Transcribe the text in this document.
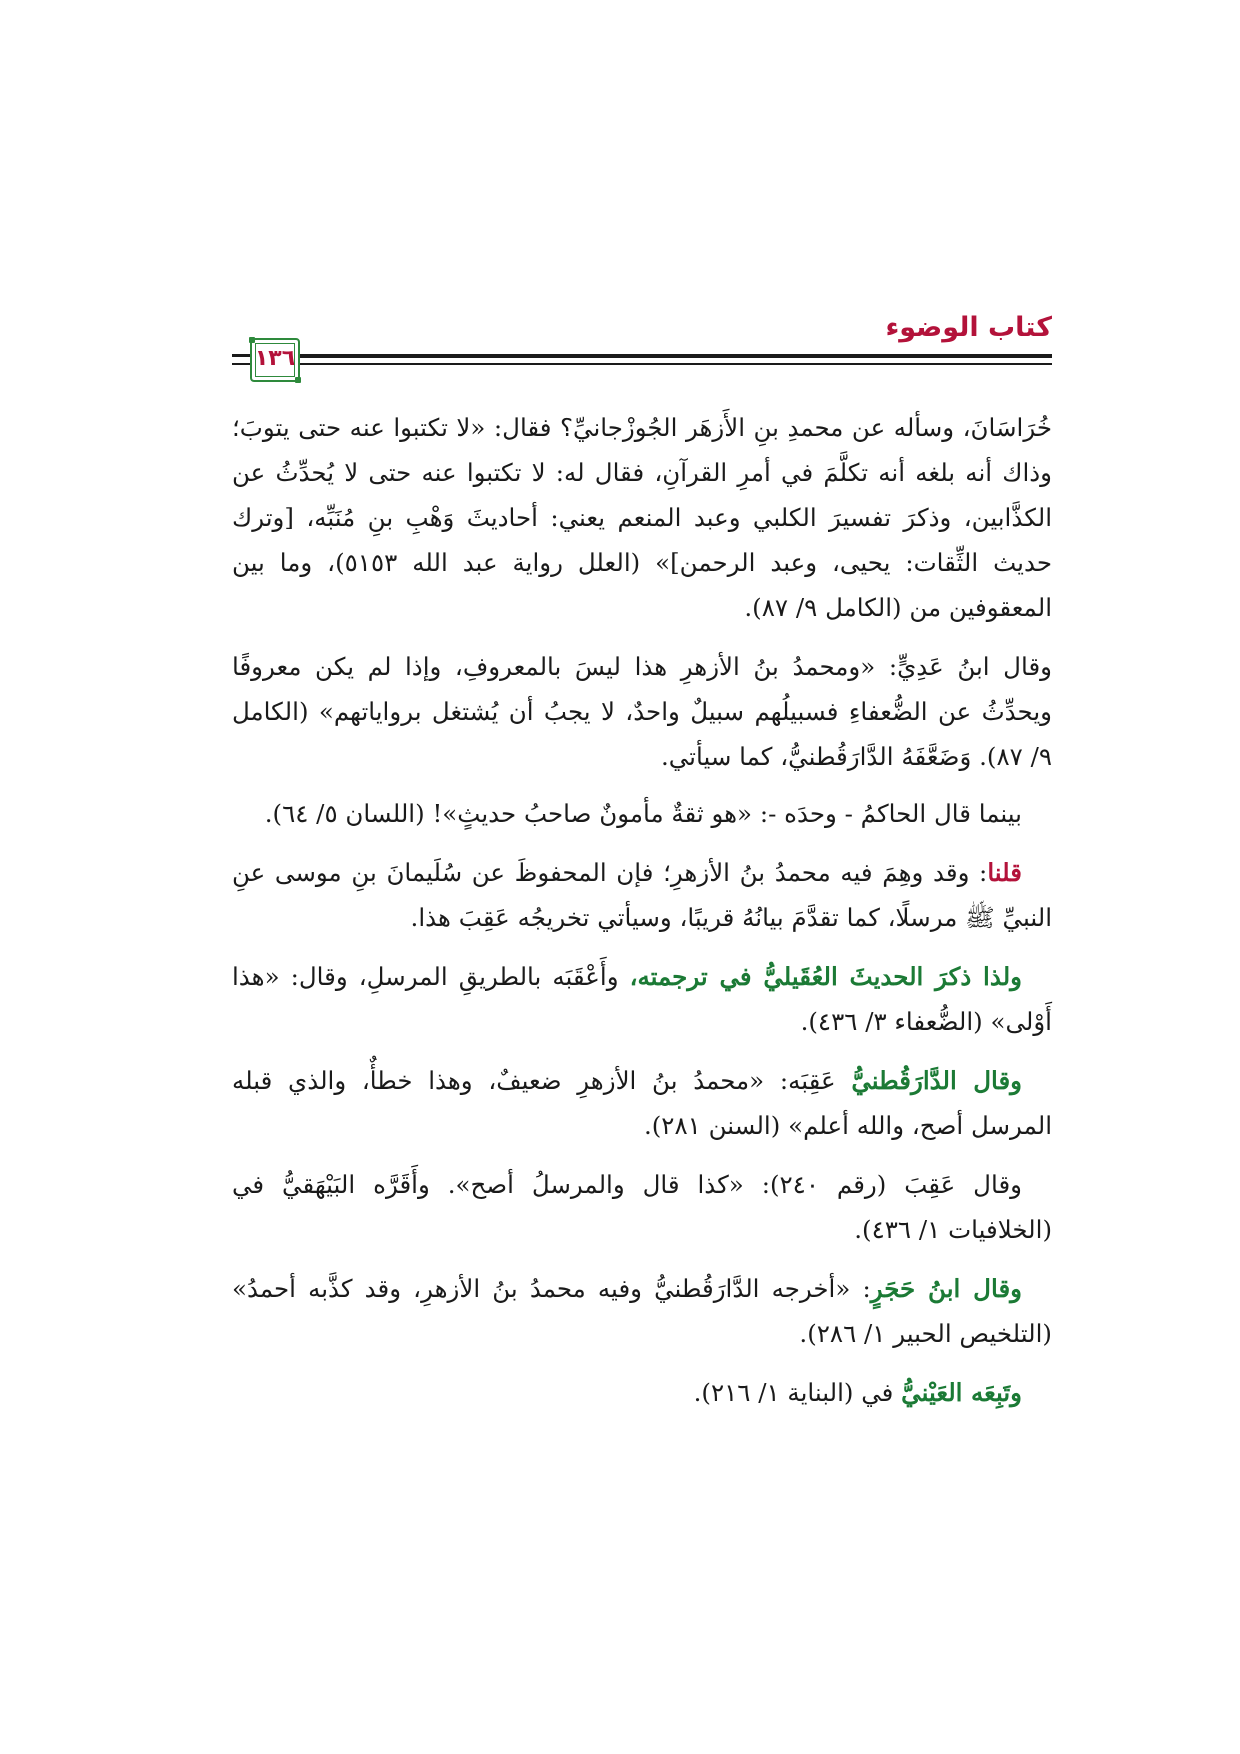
كتاب الوضوء
١٣٦

خُرَاسَانَ، وسأله عن محمدِ بنِ الأَزهَر الجُوزْجانيِّ؟ فقال: «لا تكتبوا عنه حتى يتوبَ؛ وذاك أنه بلغه أنه تكلَّمَ في أمرِ القرآنِ، فقال له: لا تكتبوا عنه حتى لا يُحدِّثُ عن الكذَّابين، وذكرَ تفسيرَ الكلبي وعبد المنعم يعني: أحاديثَ وَهْبِ بنِ مُنَبِّه، [وترك حديث الثِّقات: يحيى، وعبد الرحمن]» (العلل رواية عبد الله ٥١٥٣)، وما بين المعقوفين من (الكامل ٩/ ٨٧).

وقال ابنُ عَدِيٍّ: «ومحمدُ بنُ الأزهرِ هذا ليسَ بالمعروفِ، وإذا لم يكن معروفًا ويحدِّثُ عن الضُّعفاءِ فسبيلُهم سبيلٌ واحدٌ، لا يجبُ أن يُشتغل بروایاتهم» (الكامل ٩/ ٨٧). وَضَعَّفَهُ الدَّارَقُطنيُّ، كما سيأتي.

بينما قال الحاكمُ - وحدَه -: «هو ثقةٌ مأمونٌ صاحبُ حديثٍ»! (اللسان ٥/ ٦٤).

قلنا: وقد وهِمَ فيه محمدُ بنُ الأزهرِ؛ فإن المحفوظَ عن سُلَيمانَ بنِ موسى عنِ النبيِّ ﷺ مرسلًا، كما تقدَّمَ بيانُهُ قريبًا، وسيأتي تخريجُه عَقِبَ هذا.

ولذا ذكرَ الحديثَ العُقَيليُّ في ترجمته، وأَعْقَبَه بالطريقِ المرسلِ، وقال: «هذا أَوْلى» (الضُّعفاء ٣/ ٤٣٦).

وقال الدَّارَقُطنيُّ عَقِبَه: «محمدُ بنُ الأزهرِ ضعيفٌ، وهذا خطأٌ، والذي قبله المرسل أصح، والله أعلم» (السنن ٢٨١).

وقال عَقِبَ (رقم ٢٤٠): «كذا قال والمرسلُ أصح». وأَقَرَّه البَيْهَقيُّ في (الخلافيات ١/ ٤٣٦).

وقال ابنُ حَجَرٍ: «أخرجه الدَّارَقُطنيُّ وفيه محمدُ بنُ الأزهرِ، وقد كذَّبه أحمدُ» (التلخيص الحبير ١/ ٢٨٦).

وتَبِعَه العَيْنيُّ في (البناية ١/ ٢١٦).
